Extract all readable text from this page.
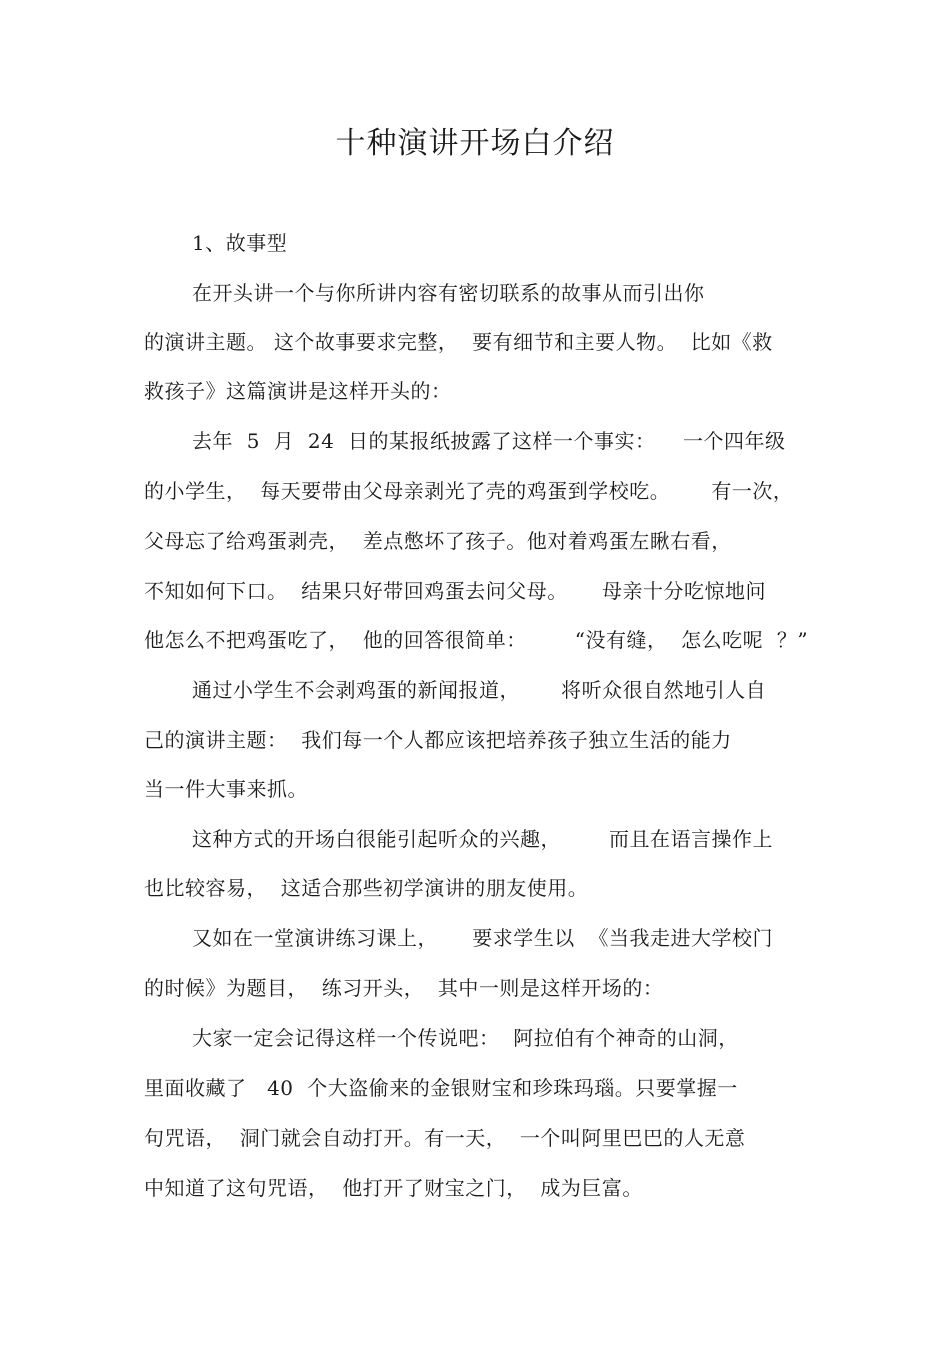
十种演讲开场白介绍

1、故事型

在开头讲一个与你所讲内容有密切联系的故事从而引出你

的演讲主题。 这个故事要求完整，  要有细节和主要人物。  比如《救

救孩子》这篇演讲是这样开头的：

去年  5  月  24  日的某报纸披露了这样一个事实：    一个四年级

的小学生，  每天要带由父母亲剥光了壳的鸡蛋到学校吃。      有一次，

父母忘了给鸡蛋剥壳，  差点憋坏了孩子。他对着鸡蛋左瞅右看，

不知如何下口。  结果只好带回鸡蛋去问父母。     母亲十分吃惊地问

他怎么不把鸡蛋吃了，  他的回答很简单：       “没有缝，  怎么吃呢  ？”

通过小学生不会剥鸡蛋的新闻报道，      将听众很自然地引人自

己的演讲主题：  我们每一个人都应该把培养孩子独立生活的能力

当一件大事来抓。

这种方式的开场白很能引起听众的兴趣，       而且在语言操作上

也比较容易，  这适合那些初学演讲的朋友使用。

又如在一堂演讲练习课上，     要求学生以  《当我走进大学校门

的时候》为题目，  练习开头，  其中一则是这样开场的：

大家一定会记得这样一个传说吧：  阿拉伯有个神奇的山洞，

里面收藏了   40  个大盗偷来的金银财宝和珍珠玛瑙。只要掌握一

句咒语，  洞门就会自动打开。有一天，  一个叫阿里巴巴的人无意

中知道了这句咒语，  他打开了财宝之门，  成为巨富。
